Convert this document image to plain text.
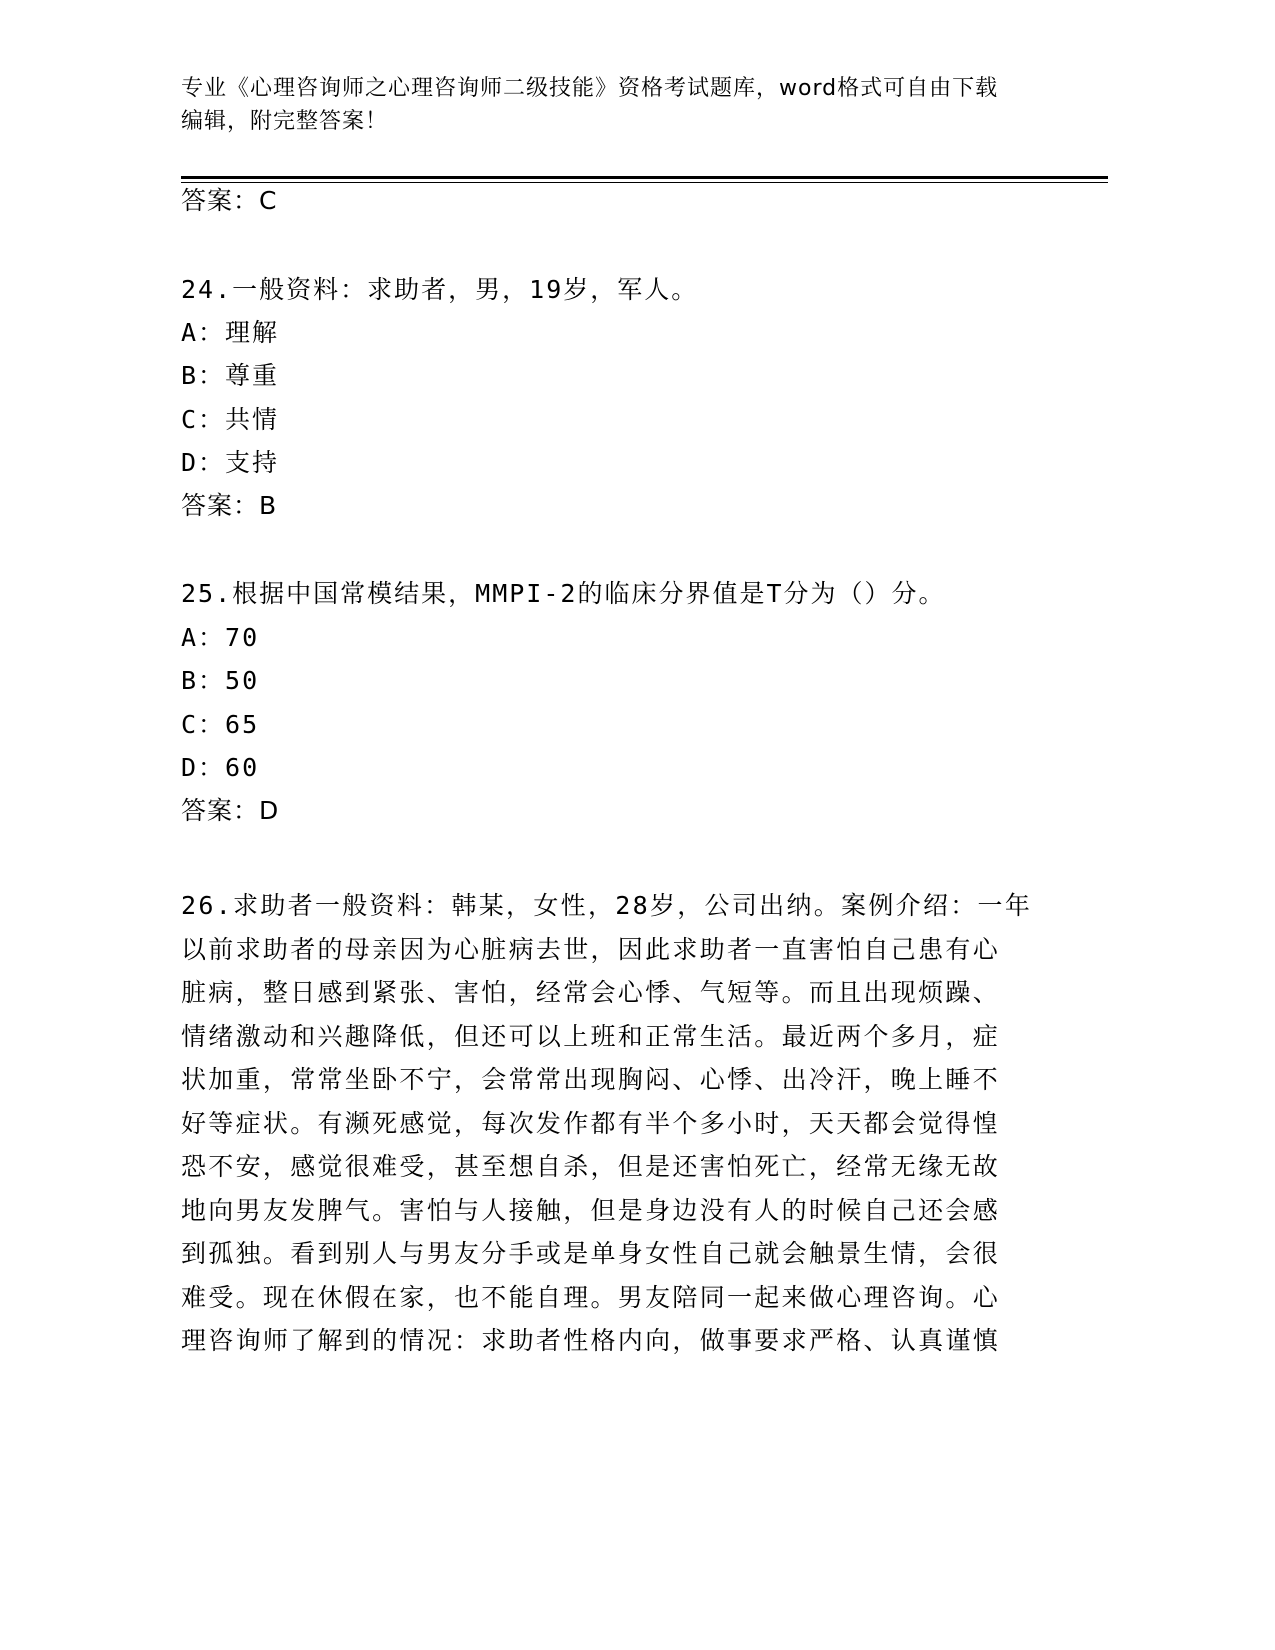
专业《心理咨询师之心理咨询师二级技能》资格考试题库，word格式可自由下载
编辑，附完整答案！
答案：C
24.一般资料：求助者，男，19岁，军人。
A：理解
B：尊重
C：共情
D：支持
答案：B
25.根据中国常模结果，MMPI-2的临床分界值是T分为（）分。
A：70
B：50
C：65
D：60
答案：D
26.求助者一般资料：韩某，女性，28岁，公司出纳。案例介绍：一年
以前求助者的母亲因为心脏病去世，因此求助者一直害怕自己患有心
脏病，整日感到紧张、害怕，经常会心悸、气短等。而且出现烦躁、
情绪激动和兴趣降低，但还可以上班和正常生活。最近两个多月，症
状加重，常常坐卧不宁，会常常出现胸闷、心悸、出冷汗，晚上睡不
好等症状。有濒死感觉，每次发作都有半个多小时，天天都会觉得惶
恐不安，感觉很难受，甚至想自杀，但是还害怕死亡，经常无缘无故
地向男友发脾气。害怕与人接触，但是身边没有人的时候自己还会感
到孤独。看到别人与男友分手或是单身女性自己就会触景生情，会很
难受。现在休假在家，也不能自理。男友陪同一起来做心理咨询。心
理咨询师了解到的情况：求助者性格内向，做事要求严格、认真谨慎
